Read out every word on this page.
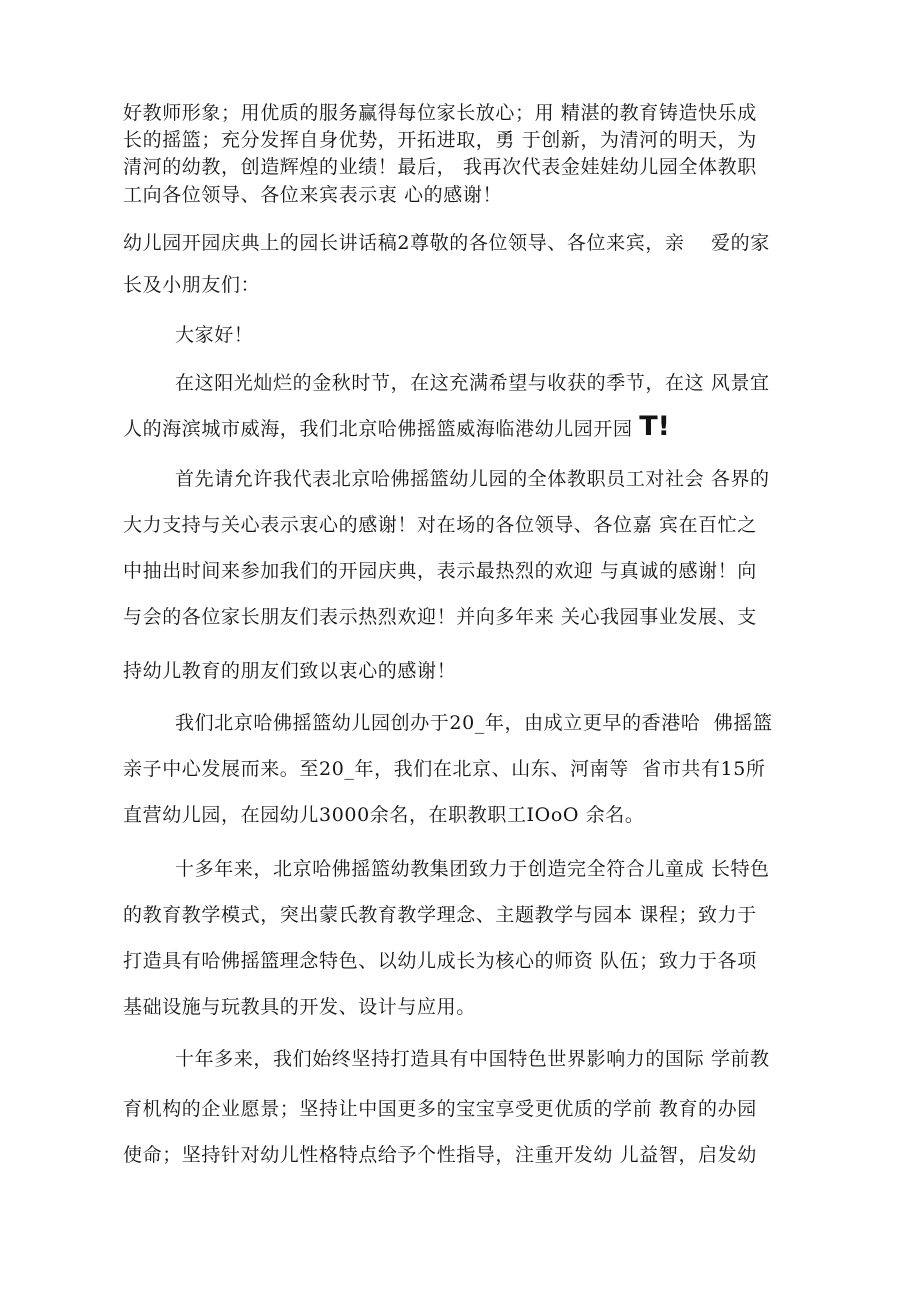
好教师形象；用优质的服务赢得每位家长放心；用 精湛的教育铸造快乐成
长的摇篮；充分发挥自身优势，开拓进取，勇 于创新，为清河的明天，为
清河的幼教，创造辉煌的业绩！最后， 我再次代表金娃娃幼儿园全体教职
工向各位领导、各位来宾表示衷 心的感谢！
幼儿园开园庆典上的园长讲话稿2尊敬的各位领导、各位来宾，亲    爱的家
长及小朋友们：
大家好！
在这阳光灿烂的金秋时节，在这充满希望与收获的季节，在这 风景宜
人的海滨城市威海，我们北京哈佛摇篮威海临港幼儿园开园 T!
首先请允许我代表北京哈佛摇篮幼儿园的全体教职员工对社会 各界的
大力支持与关心表示衷心的感谢！对在场的各位领导、各位嘉 宾在百忙之
中抽出时间来参加我们的开园庆典，表示最热烈的欢迎 与真诚的感谢！向
与会的各位家长朋友们表示热烈欢迎！并向多年来 关心我园事业发展、支
持幼儿教育的朋友们致以衷心的感谢！
我们北京哈佛摇篮幼儿园创办于20_年，由成立更早的香港哈  佛摇篮
亲子中心发展而来。至20_年，我们在北京、山东、河南等  省市共有15所
直营幼儿园，在园幼儿3000余名，在职教职工IOoO 余名。
十多年来，北京哈佛摇篮幼教集团致力于创造完全符合儿童成 长特色
的教育教学模式，突出蒙氏教育教学理念、主题教学与园本 课程；致力于
打造具有哈佛摇篮理念特色、以幼儿成长为核心的师资 队伍；致力于各项
基础设施与玩教具的开发、设计与应用。
十年多来，我们始终坚持打造具有中国特色世界影响力的国际 学前教
育机构的企业愿景；坚持让中国更多的宝宝享受更优质的学前 教育的办园
使命；坚持针对幼儿性格特点给予个性指导，注重开发幼 儿益智，启发幼
